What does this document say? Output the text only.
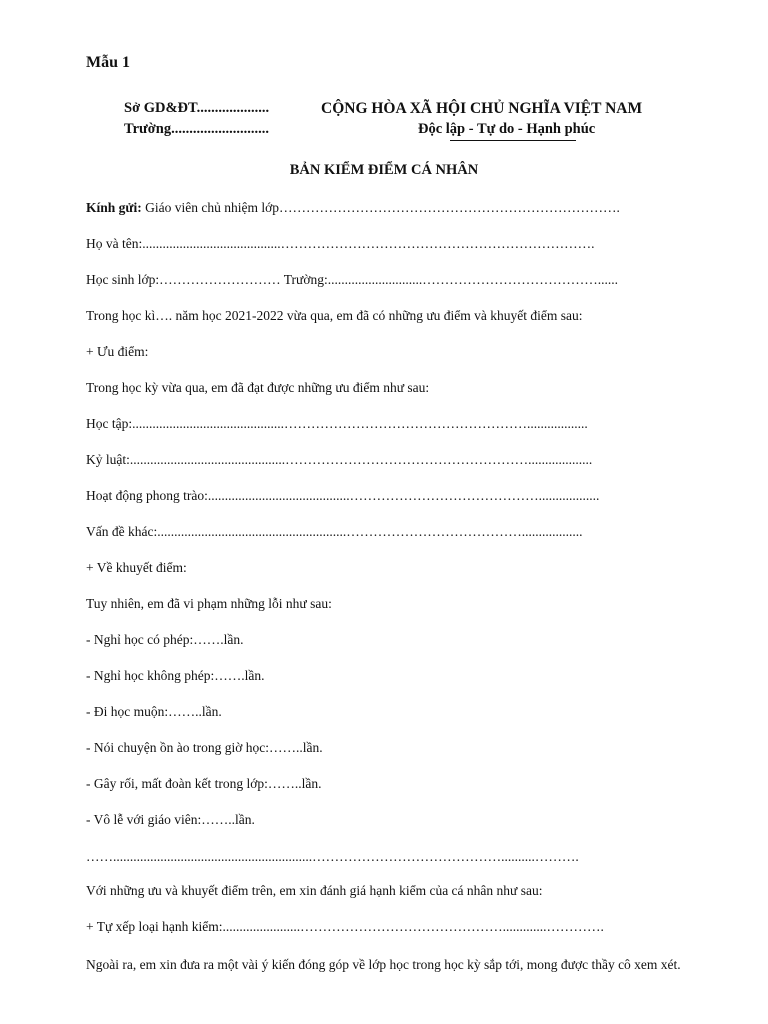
Mẫu 1
Sở GD&ĐT....................
Trường...........................
CỘNG HÒA XÃ HỘI CHỦ NGHĨA VIỆT NAM
Độc lập - Tự do - Hạnh phúc
BẢN KIỂM ĐIỂM CÁ NHÂN
Kính gửi: Giáo viên chủ nhiệm lớp………………………………………………………………….
Họ và tên:.........................................…………………………………………………………….
Học sinh lớp:……………………… Trường:............................…………………………………......
Trong học kì…. năm học 2021-2022 vừa qua, em đã có những ưu điểm và khuyết điểm sau:
+ Ưu điểm:
Trong học kỳ vừa qua, em đã đạt được những ưu điểm như sau:
Học tập:.............................................………………………………………………..................
Kỷ luật:..............................................………………………………………………...................
Hoạt động phong trào:..........................................……………………………………..................
Vấn đề khác:........................................................…………………………………..................
+ Về khuyết điểm:
Tuy nhiên, em đã vi phạm những lỗi như sau:
- Nghỉ học có phép:…….lần.
- Nghỉ học không phép:…….lần.
- Đi học muộn:……..lần.
- Nói chuyện ồn ào trong giờ học:……..lần.
- Gây rối, mất đoàn kết trong lớp:……..lần.
- Vô lễ với giáo viên:……..lần.
……...........................................................……………………………………..........……….
Với những ưu và khuyết điểm trên, em xin đánh giá hạnh kiểm của cá nhân như sau:
+ Tự xếp loại hạnh kiểm:.......................……………………………………….............………….
Ngoài ra, em xin đưa ra một vài ý kiến đóng góp về lớp học trong học kỳ sắp tới, mong được thầy cô xem xét.
